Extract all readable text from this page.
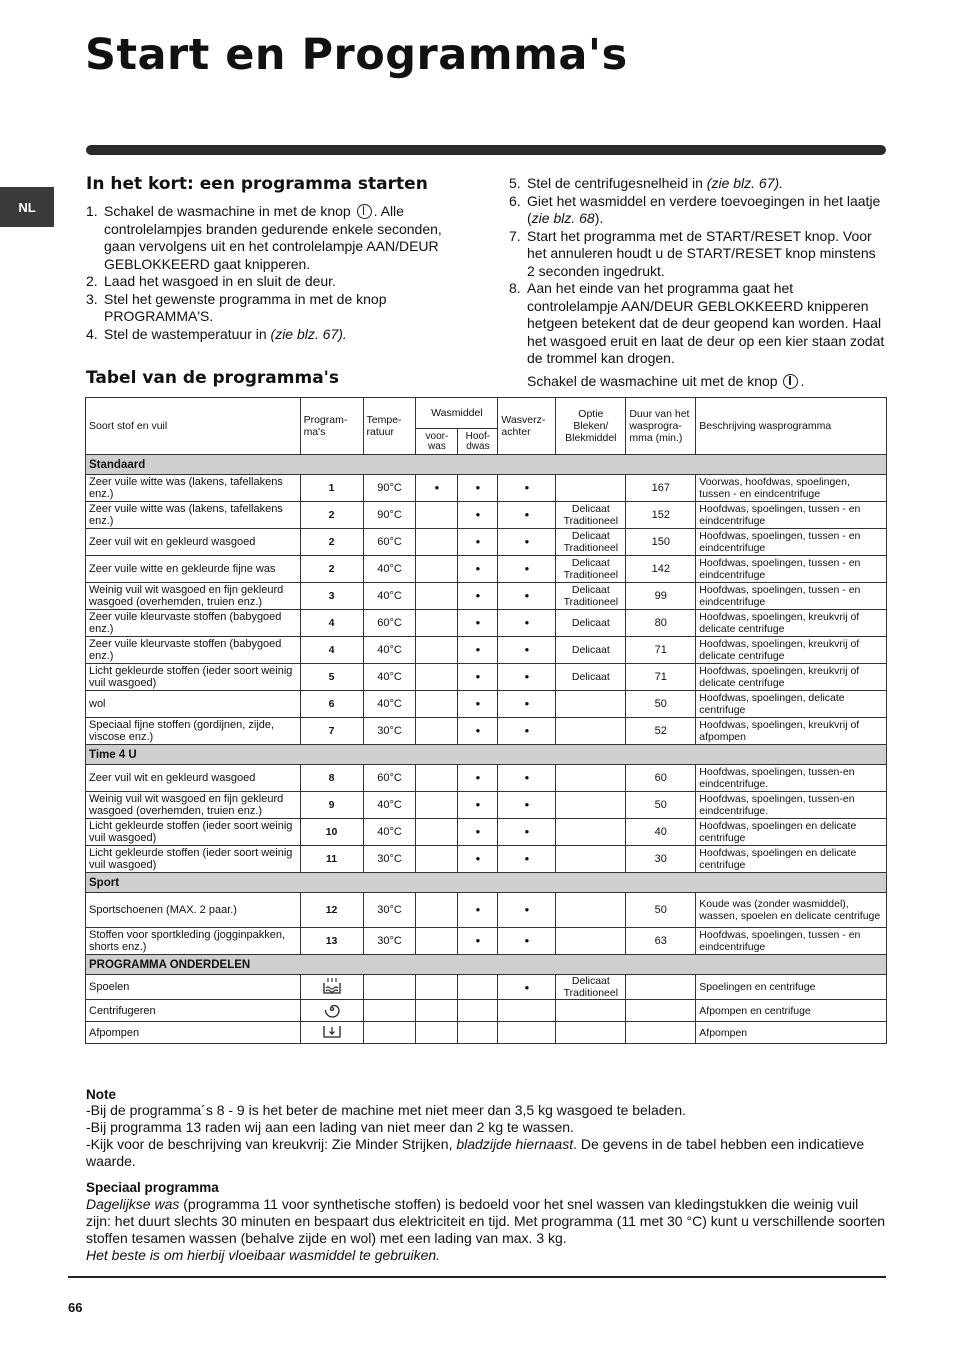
Start en Programma's
NL
In het kort: een programma starten
1. Schakel de wasmachine in met de knop . Alle controlelampjes branden gedurende enkele seconden, gaan vervolgens uit en het controlelampje AAN/DEUR GEBLOKKEERD gaat knipperen.
2. Laad het wasgoed in en sluit de deur.
3. Stel het gewenste programma in met de knop PROGRAMMA'S.
4. Stel de wastemperatuur in (zie blz. 67).
5. Stel de centrifugesnelheid in (zie blz. 67).
6. Giet het wasmiddel en verdere toevoegingen in het laatje (zie blz. 68).
7. Start het programma met de START/RESET knop. Voor het annuleren houdt u de START/RESET knop minstens 2 seconden ingedrukt.
8. Aan het einde van het programma gaat het controlelampje AAN/DEUR GEBLOKKEERD knipperen hetgeen betekent dat de deur geopend kan worden. Haal het wasgoed eruit en laat de deur op een kier staan zodat de trommel kan drogen.
Schakel de wasmachine uit met de knop .
Tabel van de programma's
Soort stof en vuil	Program-ma's	Tempe-ratuur	Wasmiddel		Wasverz-achter	Optie Bleken/ Blekmiddel	Duur van het wasprogra-mma (min.)	Beschrijving wasprogramma
			voor-was	Hoof-dwas				
Standaard								
Zeer vuile witte was (lakens, tafellakens enz.)	1	90°C	•	•	•		167	Voorwas, hoofdwas, spoelingen, tussen - en eindcentrifuge
Zeer vuile witte was (lakens, tafellakens enz.)	2	90°C		•	•	Delicaat Traditioneel	152	Hoofdwas, spoelingen, tussen - en eindcentrifuge
Zeer vuil wit en gekleurd wasgoed	2	60°C		•	•	Delicaat Traditioneel	150	Hoofdwas, spoelingen, tussen - en eindcentrifuge
Zeer vuile witte en gekleurde fijne was	2	40°C		•	•	Delicaat Traditioneel	142	Hoofdwas, spoelingen, tussen - en eindcentrifuge
Weinig vuil wit wasgoed en fijn gekleurd wasgoed (overhemden, truien enz.)	3	40°C		•	•	Delicaat Traditioneel	99	Hoofdwas, spoelingen, tussen - en eindcentrifuge
Zeer vuile kleurvaste stoffen (babygoed enz.)	4	60°C		•	•	Delicaat	80	Hoofdwas, spoelingen, kreukvrij of delicate centrifuge
Zeer vuile kleurvaste stoffen (babygoed enz.)	4	40°C		•	•	Delicaat	71	Hoofdwas, spoelingen, kreukvrij of delicate centrifuge
Licht gekleurde stoffen (ieder soort weinig vuil wasgoed)	5	40°C		•	•	Delicaat	71	Hoofdwas, spoelingen, kreukvrij of delicate centrifuge
wol	6	40°C		•	•		50	Hoofdwas, spoelingen, delicate centrifuge
Speciaal fijne stoffen (gordijnen, zijde, viscose enz.)	7	30°C		•	•		52	Hoofdwas, spoelingen, kreukvrij of afpompen
Time 4 U								
Zeer vuil wit en gekleurd wasgoed	8	60°C		•	•		60	Hoofdwas, spoelingen, tussen-en eindcentrifuge.
Weinig vuil wit wasgoed en fijn gekleurd wasgoed (overhemden, truien enz.)	9	40°C		•	•		50	Hoofdwas, spoelingen, tussen-en eindcentrifuge.
Licht gekleurde stoffen (ieder soort weinig vuil wasgoed)	10	40°C		•	•		40	Hoofdwas, spoelingen en delicate centrifuge
Licht gekleurde stoffen (ieder soort weinig vuil wasgoed)	11	30°C		•	•		30	Hoofdwas, spoelingen en delicate centrifuge
Sport								
Sportschoenen (MAX. 2 paar.)	12	30°C		•	•		50	Koude was (zonder wasmiddel), wassen, spoelen en delicate centrifuge
Stoffen voor sportkleding (jogginpakken, shorts enz.)	13	30°C		•	•		63	Hoofdwas, spoelingen, tussen - en eindcentrifuge
PROGRAMMA ONDERDELEN								
Spoelen					•	Delicaat Traditioneel		Spoelingen en centrifuge
Centrifugeren								Afpompen en centrifuge
Afpompen								Afpompen
Note

-Bij de programma´s 8 - 9 is het beter de machine met niet meer dan 3,5 kg wasgoed te beladen.

-Bij programma 13 raden wij aan een lading van niet meer dan 2 kg te wassen.

-Kijk voor de beschrijving van kreukvrij: Zie Minder Strijken, bladzijde hiernaast. De gevens in de tabel hebben een indicatieve waarde.

Speciaal programma

Dagelijkse was (programma 11 voor synthetische stoffen) is bedoeld voor het snel wassen van kledingstukken die weinig vuil zijn: het duurt slechts 30 minuten en bespaart dus elektriciteit en tijd. Met programma (11 met 30 °C) kunt u verschillende soorten stoffen tesamen wassen (behalve zijde en wol) met een lading van max. 3 kg.

Het beste is om hierbij vloeibaar wasmiddel te gebruiken.

66
